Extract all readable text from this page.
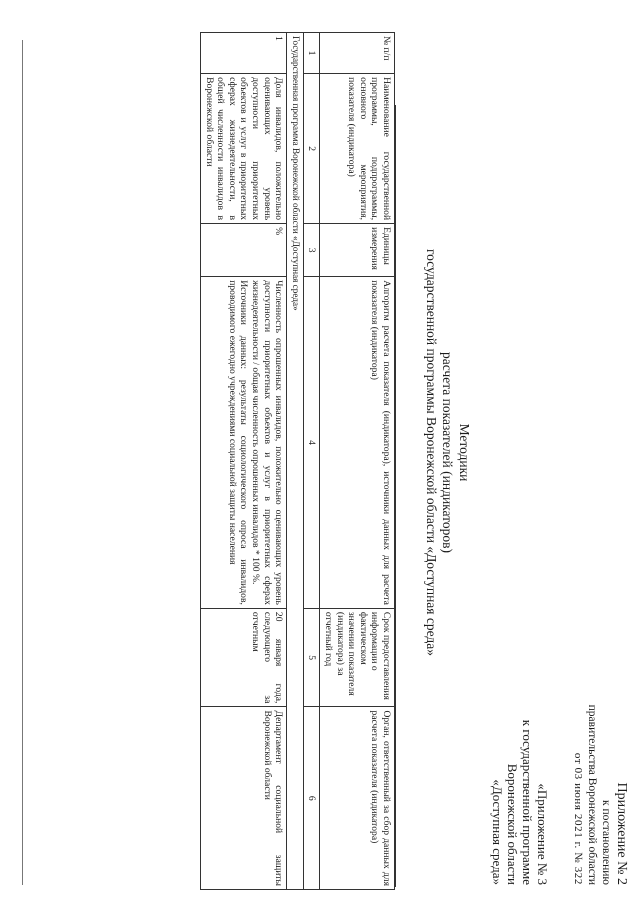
Приложение № 2
к постановлению
правительства Воронежской области
от 03 июня 2021 г. № 322
«Приложение № 3
к государственной программе
Воронежской области
«Доступная среда»
Методики
расчета показателей (индикаторов)
государственной программы Воронежской области «Доступная среда»
№ п/п	Наименование государственной программы, подпрограммы, основного мероприятия, показателя (индикатора)	Единицы измерения	Алгоритм расчета показателя (индикатора), источники данных для расчета показателя (индикатора)	Срок предоставления информации о фактическом значении показателя (индикатора) за отчетный год	Орган, ответственный за сбор данных для расчета показателя (индикатора)
1	2	3	4	5	6
Государственная программа Воронежской области «Доступная среда»					
1	Доля инвалидов, положительно оценивающих уровень доступности приоритетных объектов и услуг в приоритетных сферах жизнедеятельности, в общей численности инвалидов в Воронежской области	%	Численность опрошенных инвалидов, положительно оценивающих уровень доступности приоритетных объектов и услуг в приоритетных сферах жизнедеятельности / общая численность опрошенных инвалидов * 100 %.
Источники данных: результаты социологического опроса инвалидов, проводимого ежегодно учреждениями социальной защиты населения	20 января года, следующего за отчетным	Департамент социальной защиты Воронежской области
